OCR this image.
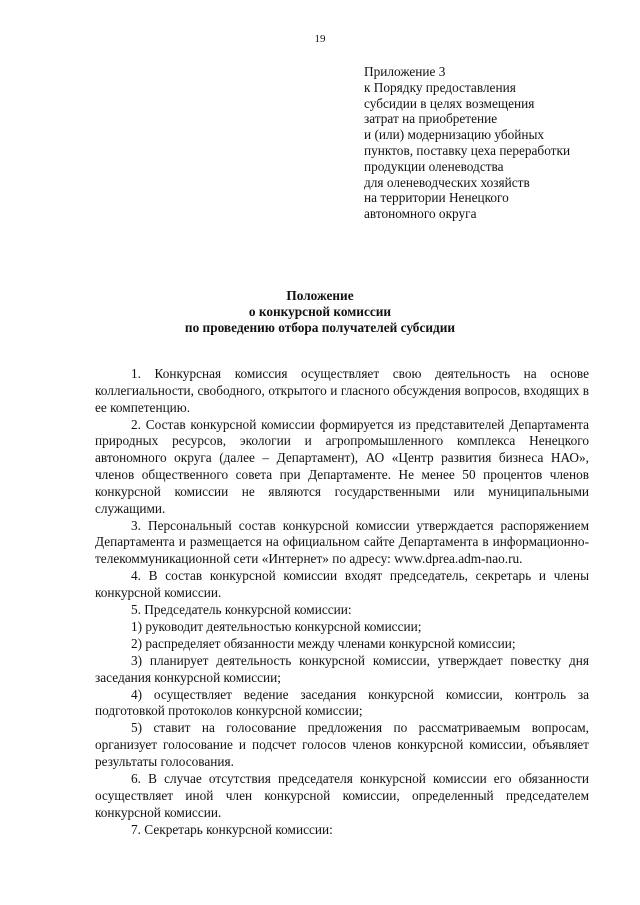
19
Приложение 3
к Порядку предоставления
субсидии в целях возмещения
затрат на приобретение
и (или) модернизацию убойных
пунктов, поставку цеха переработки
продукции оленеводства
для оленеводческих хозяйств
на территории Ненецкого
автономного округа
Положение
о конкурсной комиссии
по проведению отбора получателей субсидии

1. Конкурсная комиссия осуществляет свою деятельность на основе коллегиальности, свободного, открытого и гласного обсуждения вопросов, входящих в ее компетенцию.

2. Состав конкурсной комиссии формируется из представителей Департамента природных ресурсов, экологии и агропромышленного комплекса Ненецкого автономного округа (далее – Департамент), АО «Центр развития бизнеса НАО», членов общественного совета при Департаменте. Не менее 50 процентов членов конкурсной комиссии не являются государственными или муниципальными служащими.

3. Персональный состав конкурсной комиссии утверждается распоряжением Департамента и размещается на официальном сайте Департамента в информационно-телекоммуникационной сети «Интернет» по адресу: www.dprea.adm-nao.ru.

4. В состав конкурсной комиссии входят председатель, секретарь и члены конкурсной комиссии.

5. Председатель конкурсной комиссии:

1) руководит деятельностью конкурсной комиссии;

2) распределяет обязанности между членами конкурсной комиссии;

3) планирует деятельность конкурсной комиссии, утверждает повестку дня заседания конкурсной комиссии;

4) осуществляет ведение заседания конкурсной комиссии, контроль за подготовкой протоколов конкурсной комиссии;

5) ставит на голосование предложения по рассматриваемым вопросам, организует голосование и подсчет голосов членов конкурсной комиссии, объявляет результаты голосования.

6. В случае отсутствия председателя конкурсной комиссии его обязанности осуществляет иной член конкурсной комиссии, определенный председателем конкурсной комиссии.

7. Секретарь конкурсной комиссии:
